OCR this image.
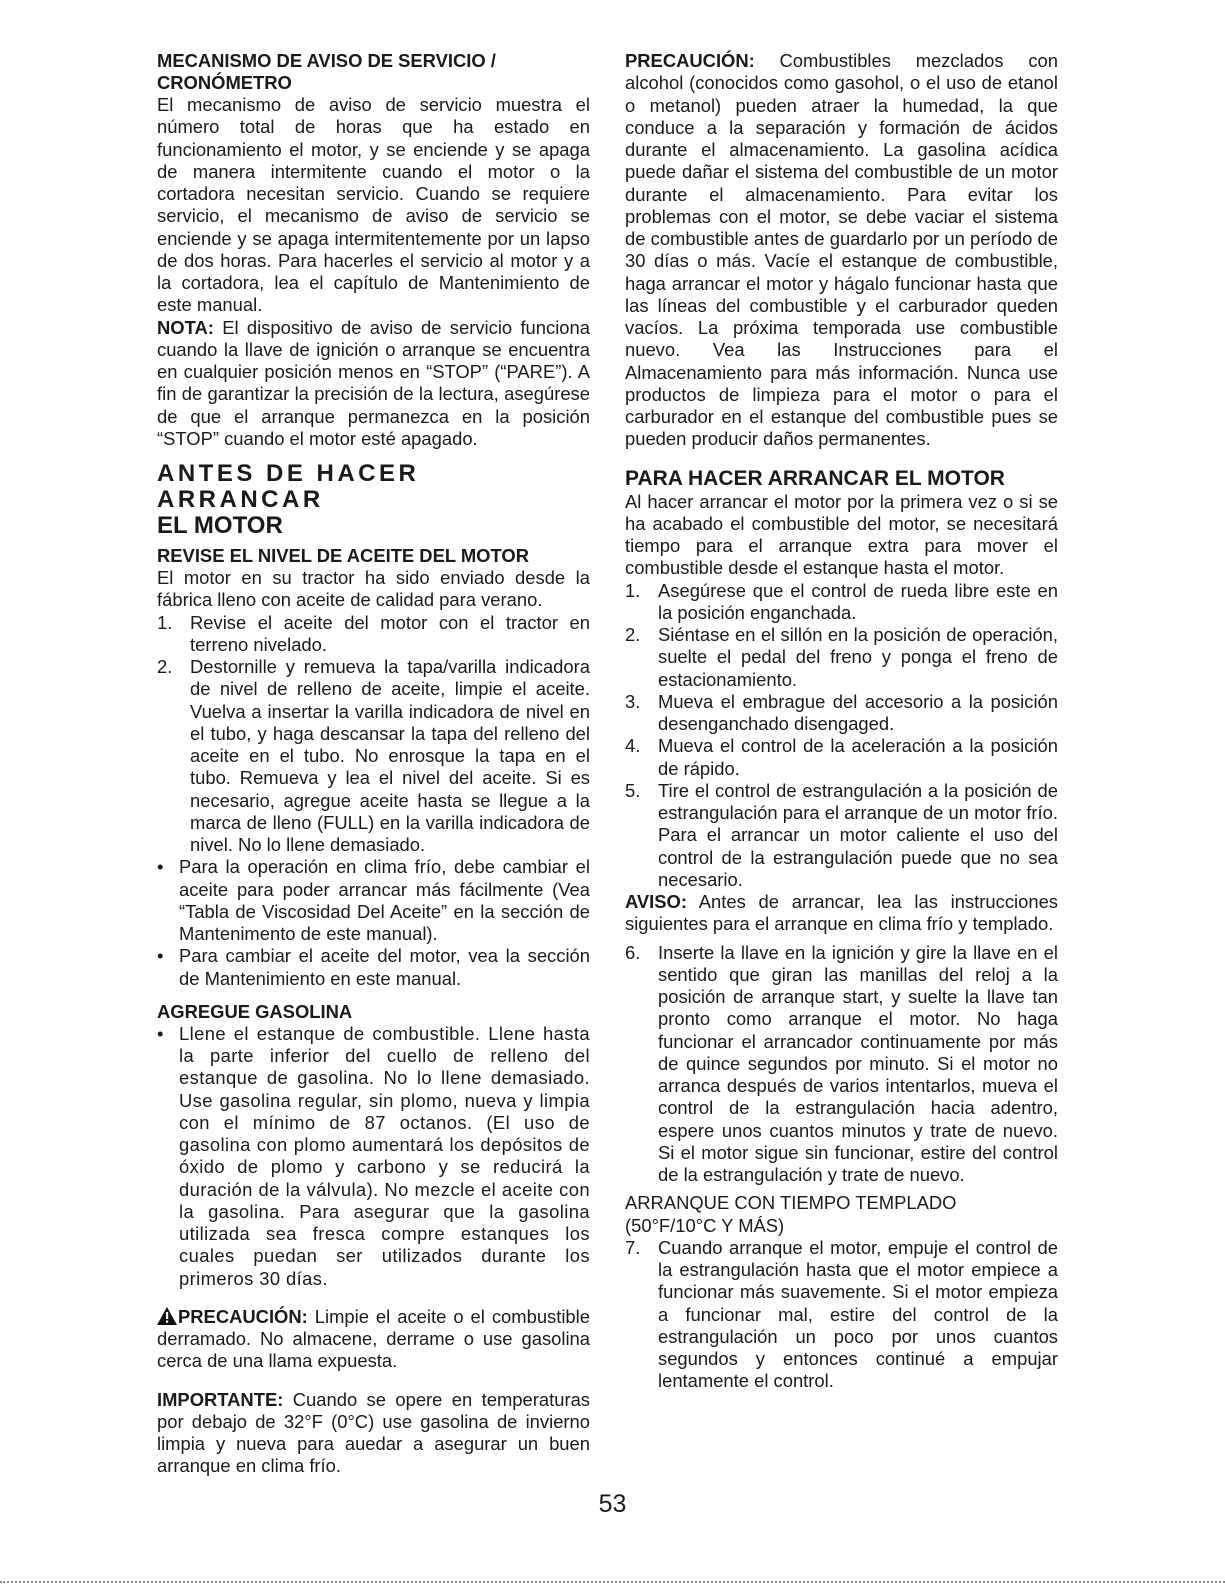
MECANISMO DE AVISO DE SERVICIO / CRONÓMETRO

El mecanismo de aviso de servicio muestra el número total de horas que ha estado en funcionamiento el motor, y se enciende y se apaga de manera intermitente cuando el motor o la cortadora necesitan servicio. Cuando se requiere servicio, el mecanismo de aviso de servicio se enciende y se apaga intermitentemente por un lapso de dos horas. Para hacerles el servicio al motor y a la cortadora, lea el capítulo de Mantenimiento de este manual.

NOTA: El dispositivo de aviso de servicio funciona cuando la llave de ignición o arranque se encuentra en cualquier posición menos en “STOP” (“PARE”). A fin de garantizar la precisión de la lectura, asegúrese de que el arranque permanezca en la posición “STOP” cuando el motor esté apagado.

ANTES DE HACER ARRANCAR
EL MOTOR
REVISE EL NIVEL DE ACEITE DEL MOTOR

El motor en su tractor ha sido enviado desde la fábrica lleno con aceite de calidad para verano.

1. Revise el aceite del motor con el tractor en terreno nivelado.
2. Destornille y remueva la tapa/varilla indicadora de nivel de relleno de aceite, limpie el aceite. Vuelva a insertar la varilla indicadora de nivel en el tubo, y haga descansar la tapa del relleno del aceite en el tubo. No enrosque la tapa en el tubo. Remueva y lea el nivel del aceite. Si es necesario, agregue aceite hasta se llegue a la marca de lleno (FULL) en la varilla indicadora de nivel. No lo llene demasiado.
• Para la operación en clima frío, debe cambiar el aceite para poder arrancar más fácilmente (Vea “Tabla de Viscosidad Del Aceite” en la sección de Mantenimento de este manual).
• Para cambiar el aceite del motor, vea la sección de Mantenimiento en este manual.
AGREGUE GASOLINA
• Llene el estanque de combustible. Llene hasta la parte inferior del cuello de relleno del estanque de gasolina. No lo llene demasiado. Use gasolina regular, sin plomo, nueva y limpia con el mínimo de 87 octanos. (El uso de gasolina con plomo aumentará los depósitos de óxido de plomo y carbono y se reducirá la duración de la válvula). No mezcle el aceite con la gasolina. Para asegurar que la gasolina utilizada sea fresca compre estanques los cuales puedan ser utilizados durante los primeros 30 días.

PRECAUCIÓN: Limpie el aceite o el combustible derramado. No almacene, derrame o use gasolina cerca de una llama expuesta.

IMPORTANTE: Cuando se opere en temperaturas por debajo de 32°F (0°C) use gasolina de invierno limpia y nueva para auedar a asegurar un buen arranque en clima frío.

PRECAUCIÓN: Combustibles mezclados con alcohol (conocidos como gasohol, o el uso de etanol o metanol) pueden atraer la humedad, la que conduce a la separación y formación de ácidos durante el almacenamiento. La gasolina acídica puede dañar el sistema del combustible de un motor durante el almacenamiento. Para evitar los problemas con el motor, se debe vaciar el sistema de combustible antes de guardarlo por un período de 30 días o más. Vacíe el estanque de combustible, haga arrancar el motor y hágalo funcionar hasta que las líneas del combustible y el carburador queden vacíos. La próxima temporada use combustible nuevo. Vea las Instrucciones para el Almacenamiento para más información. Nunca use productos de limpieza para el motor o para el carburador en el estanque del combustible pues se pueden producir daños permanentes.

PARA HACER ARRANCAR EL MOTOR

Al hacer arrancar el motor por la primera vez o si se ha acabado el combustible del motor, se necesitará tiempo para el arranque extra para mover el combustible desde el estanque hasta el motor.

1. Asegúrese que el control de rueda libre este en la posición enganchada.
2. Siéntase en el sillón en la posición de operación, suelte el pedal del freno y ponga el freno de estacionamiento.
3. Mueva el embrague del accesorio a la posición desenganchado disengaged.
4. Mueva el control de la aceleración a la posición de rápido.
5. Tire el control de estrangulación a la posición de estrangulación para el arranque de un motor frío. Para el arrancar un motor caliente el uso del control de la estrangulación puede que no sea necesario.

AVISO: Antes de arrancar, lea las instrucciones siguientes para el arranque en clima frío y templado.

6. Inserte la llave en la ignición y gire la llave en el sentido que giran las manillas del reloj a la posición de arranque start, y suelte la llave tan pronto como arranque el motor. No haga funcionar el arrancador continuamente por más de quince segundos por minuto. Si el motor no arranca después de varios intentarlos, mueva el control de la estrangulación hacia adentro, espere unos cuantos minutos y trate de nuevo. Si el motor sigue sin funcionar, estire del control de la estrangulación y trate de nuevo.
ARRANQUE CON TIEMPO TEMPLADO
(50°F/10°C Y MÁS)
7. Cuando arranque el motor, empuje el control de la estrangulación hasta que el motor empiece a funcionar más suavemente. Si el motor empieza a funcionar mal, estire del control de la estrangulación un poco por unos cuantos segundos y entonces continué a empujar lentamente el control.
53
